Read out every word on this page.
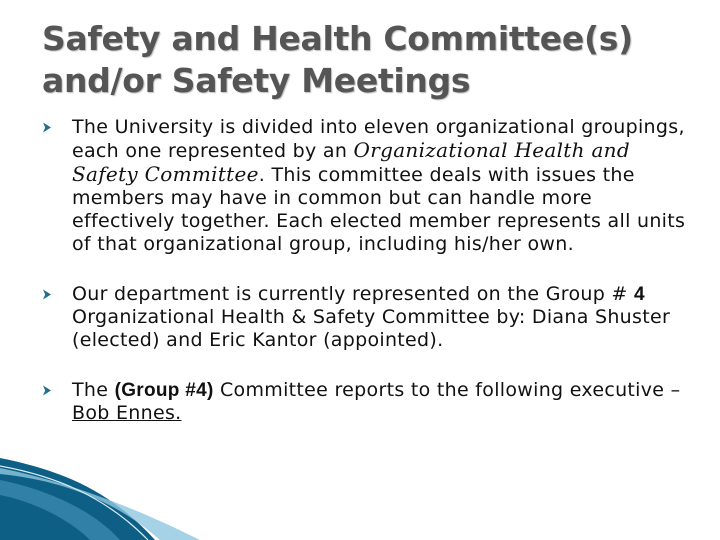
Safety and Health Committee(s)
and/or Safety Meetings
The University is divided into eleven organizational groupings, each one represented by an Organizational Health and Safety Committee. This committee deals with issues the members may have in common but can handle more effectively together. Each elected member represents all units of that organizational group, including his/her own.
Our department is currently represented on the Group # 4 Organizational Health & Safety Committee by: Diana Shuster (elected) and Eric Kantor (appointed).
The (Group #4) Committee reports to the following executive – Bob Ennes.
